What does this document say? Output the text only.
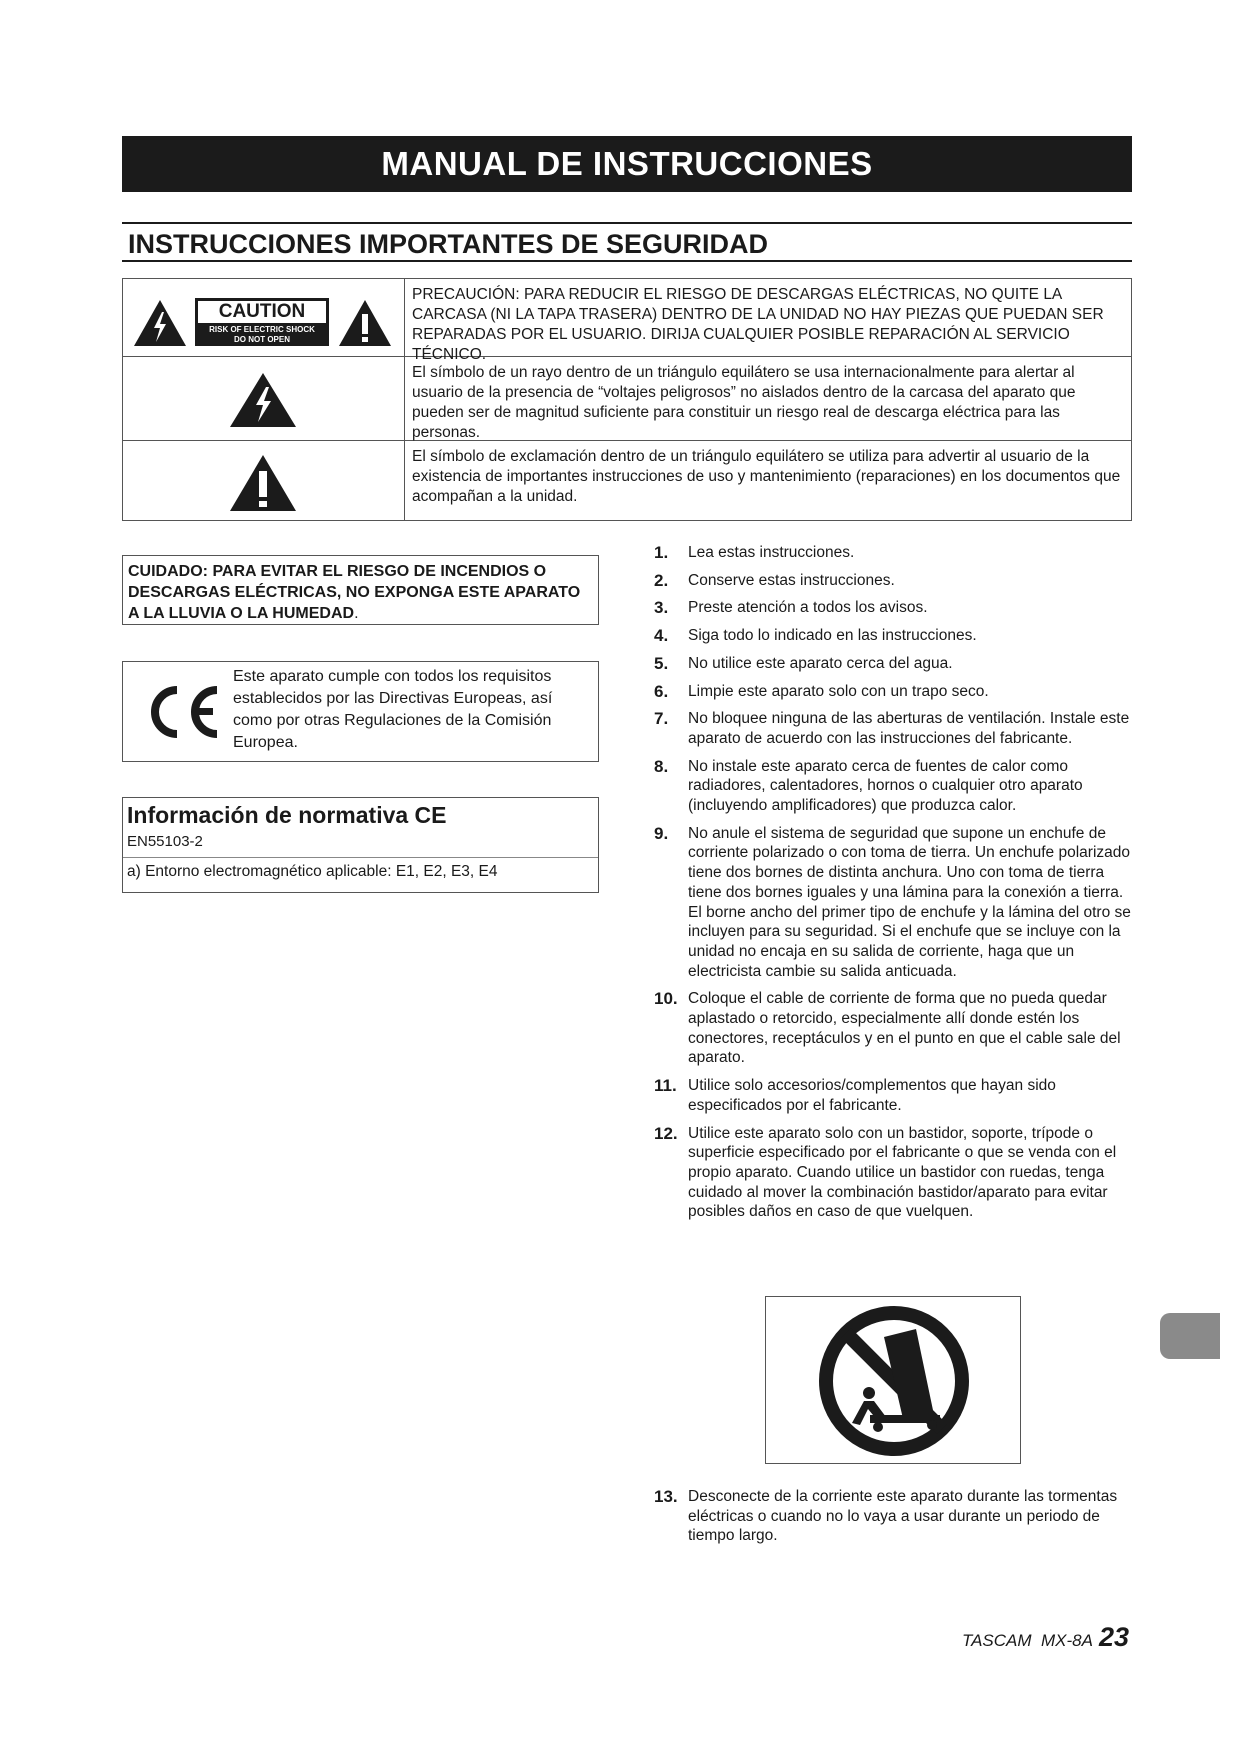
MANUAL DE INSTRUCCIONES
INSTRUCCIONES IMPORTANTES DE SEGURIDAD
CAUTION
RISK OF ELECTRIC SHOCK
DO NOT OPEN
PRECAUCIÓN: PARA REDUCIR EL RIESGO DE DESCARGAS ELÉCTRICAS, NO QUITE LA CARCASA (NI LA TAPA TRASERA) DENTRO DE LA UNIDAD NO HAY PIEZAS QUE PUEDAN SER REPARADAS POR EL USUARIO. DIRIJA CUALQUIER POSIBLE REPARACIÓN AL SERVICIO TÉCNICO.
El símbolo de un rayo dentro de un triángulo equilátero se usa internacionalmente para alertar al usuario de la presencia de “voltajes peligrosos” no aislados dentro de la carcasa del aparato que pueden ser de magnitud suficiente para constituir un riesgo real de descarga eléctrica para las personas.
El símbolo de exclamación dentro de un triángulo equilátero se utiliza para advertir al usuario de la existencia de importantes instrucciones de uso y mantenimiento (reparaciones) en los documentos que acompañan a la unidad.
CUIDADO: PARA EVITAR EL RIESGO DE INCENDIOS O DESCARGAS ELÉCTRICAS, NO EXPONGA ESTE APARATO A LA LLUVIA O LA HUMEDAD.
Este aparato cumple con todos los requisitos establecidos por las Directivas Europeas, así como por otras Regulaciones de la Comisión Europea.
Información de normativa CE
EN55103-2
a) Entorno electromagnético aplicable: E1, E2, E3, E4
1. Lea estas instrucciones.
2. Conserve estas instrucciones.
3. Preste atención a todos los avisos.
4. Siga todo lo indicado en las instrucciones.
5. No utilice este aparato cerca del agua.
6. Limpie este aparato solo con un trapo seco.
7. No bloquee ninguna de las aberturas de ventilación. Instale este aparato de acuerdo con las instrucciones del fabricante.
8. No instale este aparato cerca de fuentes de calor como radiadores, calentadores, hornos o cualquier otro aparato (incluyendo amplificadores) que produzca calor.
9. No anule el sistema de seguridad que supone un enchufe de corriente polarizado o con toma de tierra. Un enchufe polarizado tiene dos bornes de distinta anchura. Uno con toma de tierra tiene dos bornes iguales y una lámina para la conexión a tierra. El borne ancho del primer tipo de enchufe y la lámina del otro se incluyen para su seguridad. Si el enchufe que se incluye con la unidad no encaja en su salida de corriente, haga que un electricista cambie su salida anticuada.
10. Coloque el cable de corriente de forma que no pueda quedar aplastado o retorcido, especialmente allí donde estén los conectores, receptáculos y en el punto en que el cable sale del aparato.
11. Utilice solo accesorios/complementos que hayan sido especificados por el fabricante.
12. Utilice este aparato solo con un bastidor, soporte, trípode o superficie especificado por el fabricante o que se venda con el propio aparato. Cuando utilice un bastidor con ruedas, tenga cuidado al mover la combinación bastidor/aparato para evitar posibles daños en caso de que vuelquen.
13. Desconecte de la corriente este aparato durante las tormentas eléctricas o cuando no lo vaya a usar durante un periodo de tiempo largo.
TASCAM  MX-8A 23
